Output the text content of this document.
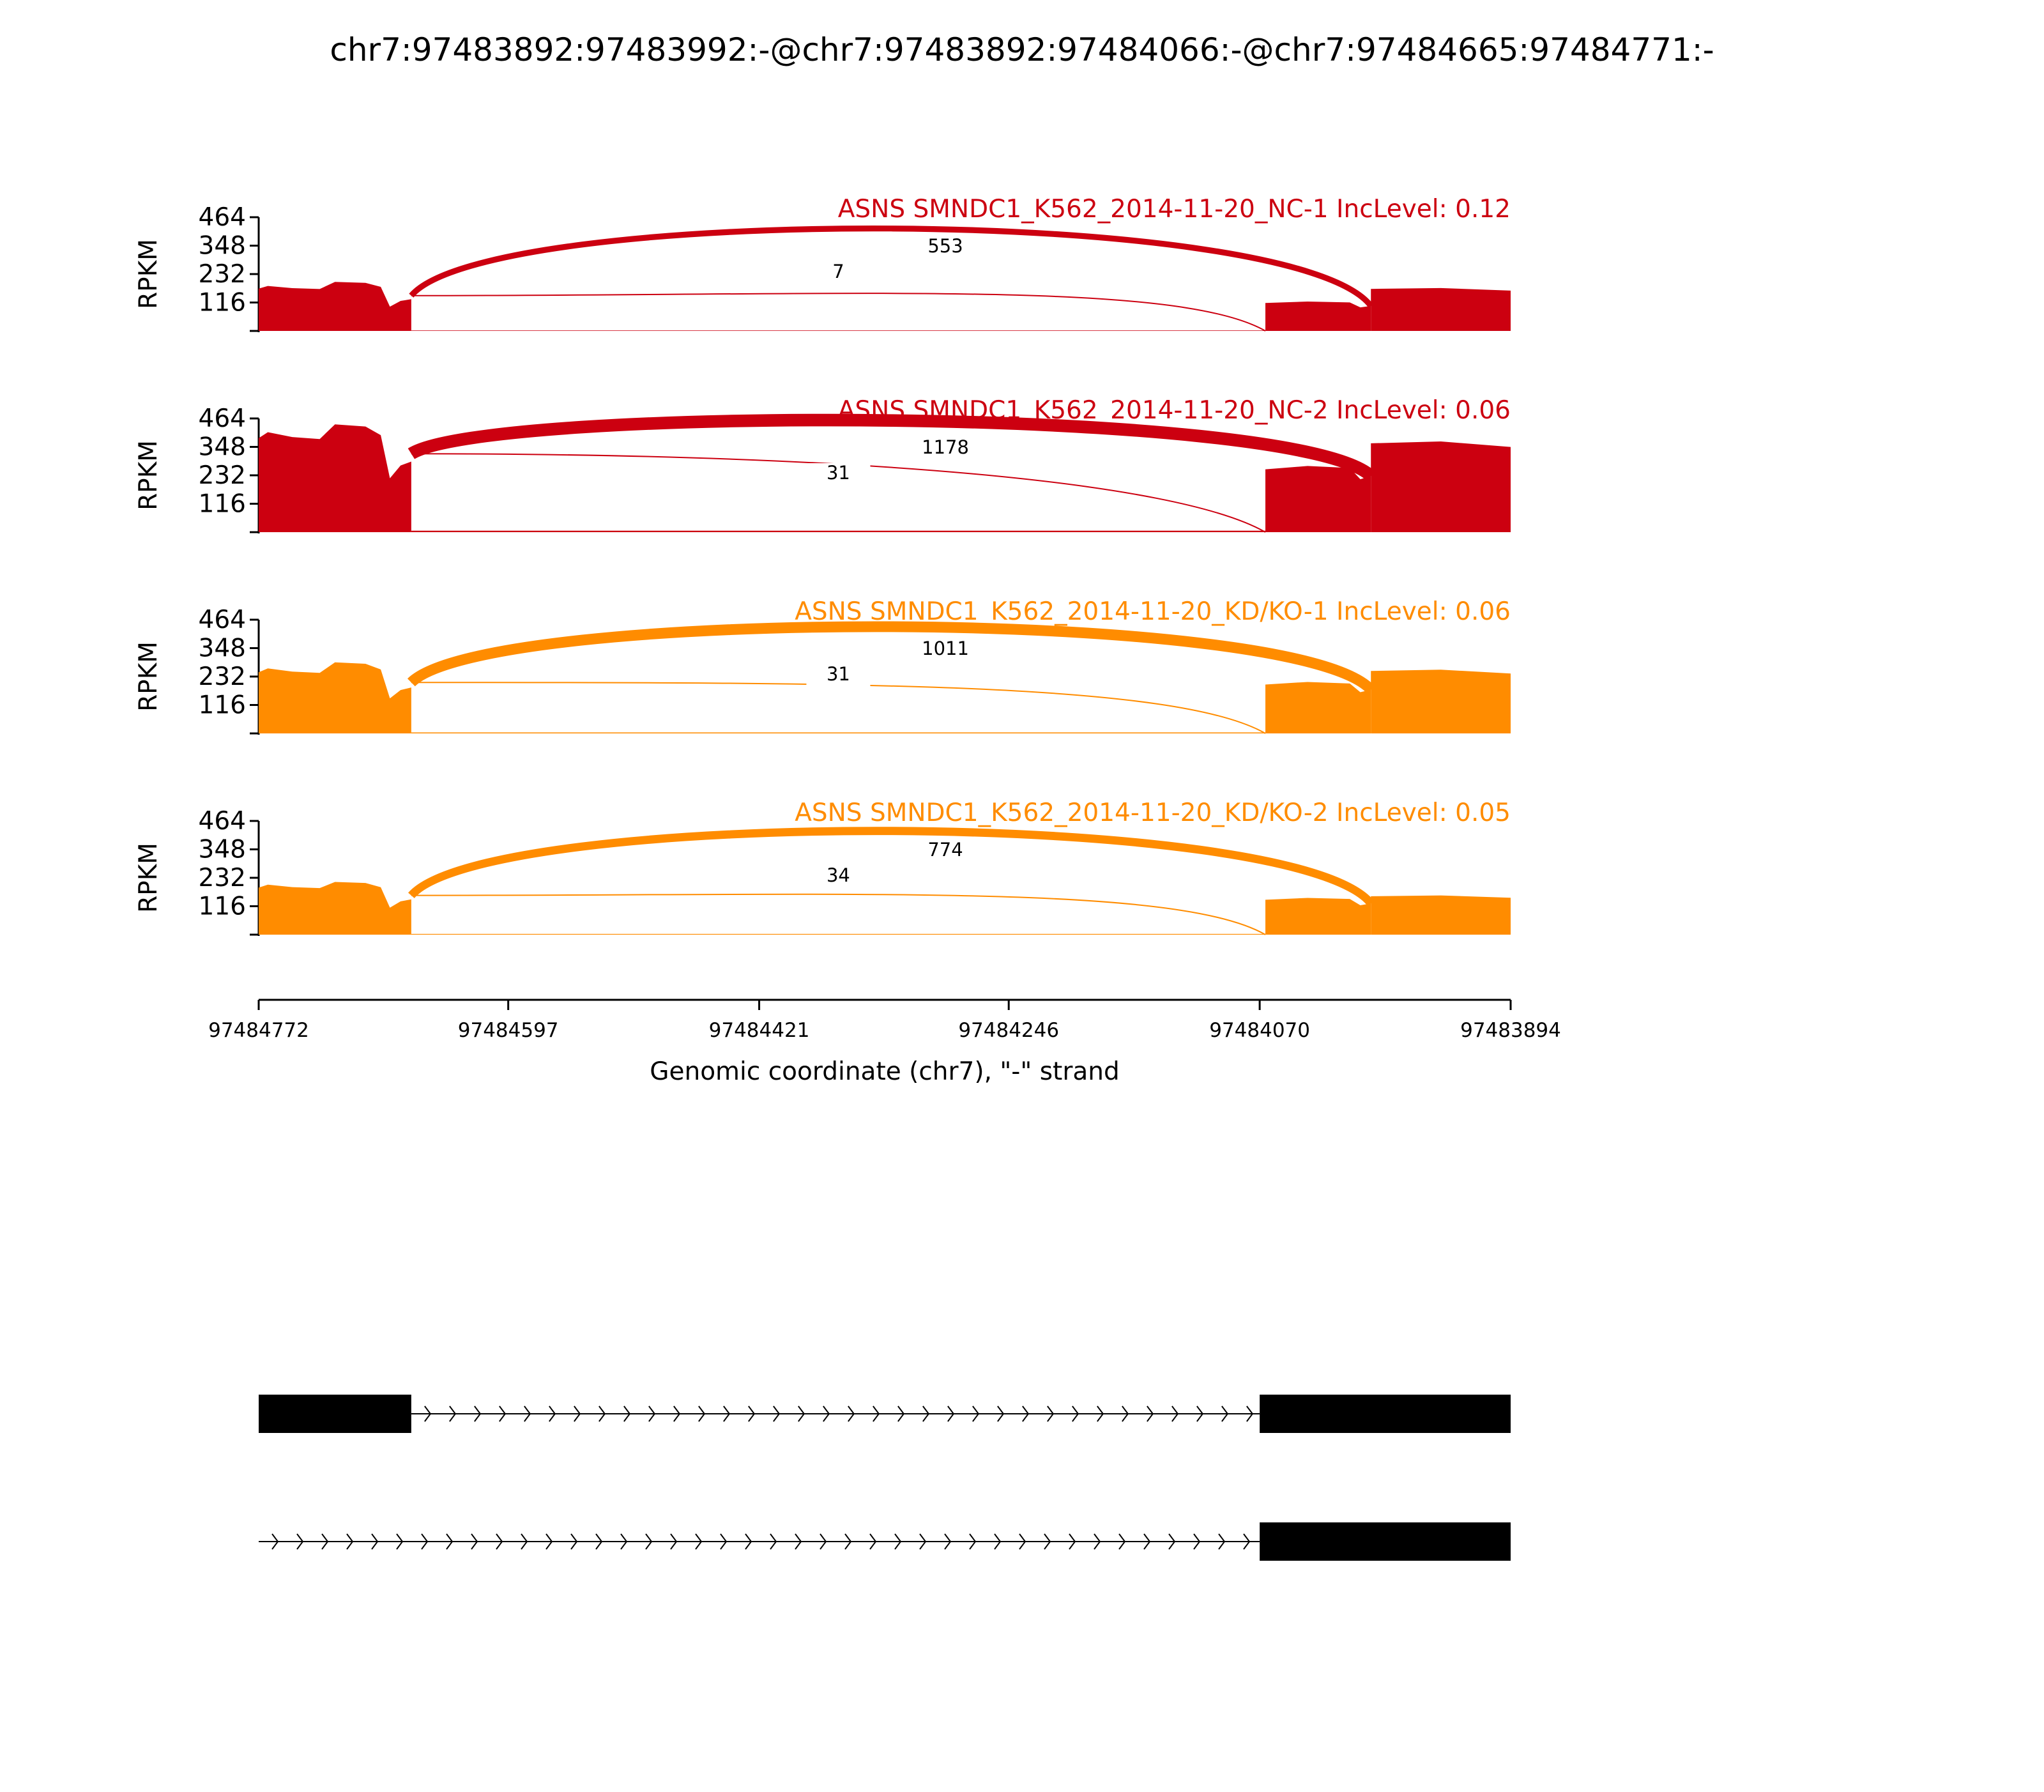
chr7:97483892:97483992:-@chr7:97483892:97484066:-@chr7:97484665:97484771:-
116
232
348
464
RPKM
ASNS SMNDC1_K562_2014-11-20_NC-1 IncLevel: 0.12
553
7
116
232
348
464
RPKM
ASNS SMNDC1_K562_2014-11-20_NC-2 IncLevel: 0.06
1178
31
116
232
348
464
RPKM
ASNS SMNDC1_K562_2014-11-20_KD/KO-1 IncLevel: 0.06
1011
31
116
232
348
464
RPKM
ASNS SMNDC1_K562_2014-11-20_KD/KO-2 IncLevel: 0.05
774
34
97484772	97484597	97484421	97484246	97484070	97483894
Genomic coordinate (chr7), "-" strand
